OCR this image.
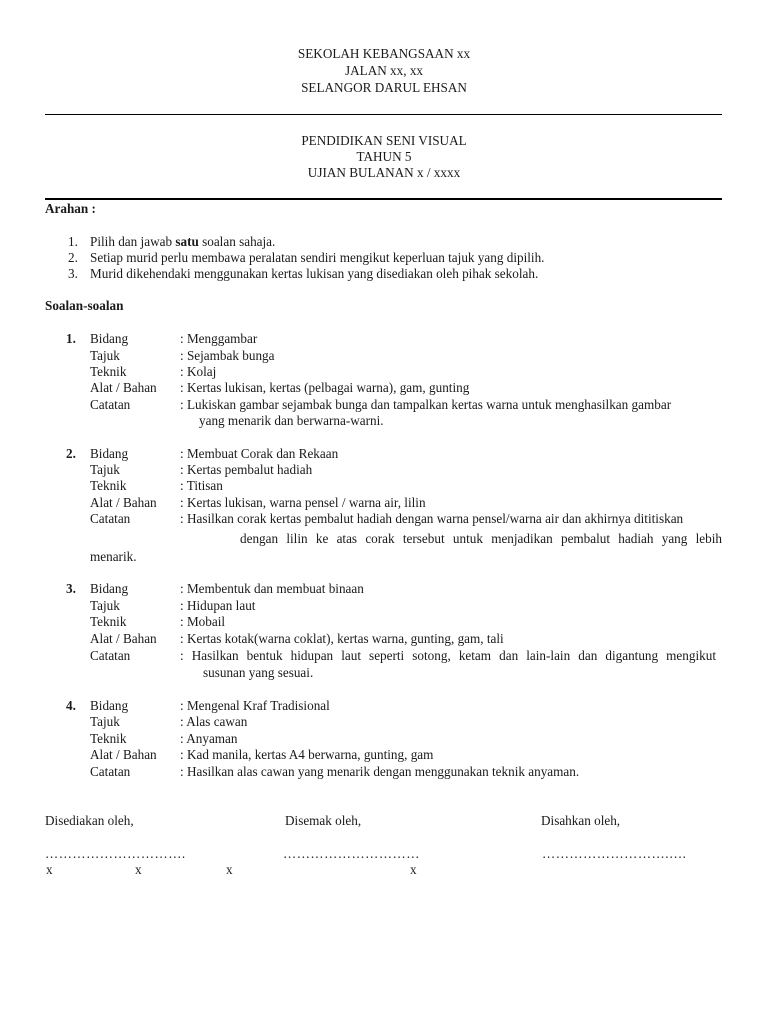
SEKOLAH KEBANGSAAN xx
JALAN xx, xx
SELANGOR DARUL EHSAN
PENDIDIKAN SENI VISUAL
TAHUN 5
UJIAN BULANAN x / xxxx
Arahan :
1. Pilih dan jawab satu soalan sahaja.
2. Setiap murid perlu membawa peralatan sendiri mengikut keperluan tajuk yang dipilih.
3. Murid dikehendaki menggunakan kertas lukisan yang disediakan oleh pihak sekolah.
Soalan-soalan
1. Bidang	: Menggambar
Tajuk	: Sejambak bunga
Teknik	: Kolaj
Alat / Bahan : Kertas lukisan, kertas (pelbagai warna), gam, gunting
Catatan	: Lukiskan gambar sejambak bunga dan tampalkan kertas warna untuk menghasilkan gambar
yang menarik dan berwarna-warni.
2. Bidang	: Membuat Corak dan Rekaan
Tajuk	: Kertas pembalut hadiah
Teknik	: Titisan
Alat / Bahan : Kertas lukisan, warna pensel / warna air, lilin
Catatan	: Hasilkan corak kertas pembalut hadiah dengan warna pensel/warna air dan akhirnya dititiskan
dengan lilin ke atas corak tersebut untuk menjadikan pembalut hadiah yang lebih
menarik.
3. Bidang	: Membentuk dan membuat binaan
Tajuk	: Hidupan laut
Teknik	: Mobail
Alat / Bahan : Kertas kotak(warna coklat), kertas warna, gunting, gam, tali
Catatan	: Hasilkan bentuk hidupan laut seperti sotong, ketam dan lain-lain dan digantung mengikut
susunan yang sesuai.
4. Bidang	: Mengenal Kraf Tradisional
Tajuk	: Alas cawan
Teknik	: Anyaman
Alat / Bahan : Kad manila, kertas A4 berwarna, gunting, gam
Catatan	: Hasilkan alas cawan yang menarik dengan menggunakan teknik anyaman.
Disediakan oleh,	Disemak oleh,	Disahkan oleh,
………………………….	…………………………	……………………….….
x	x	x	x
